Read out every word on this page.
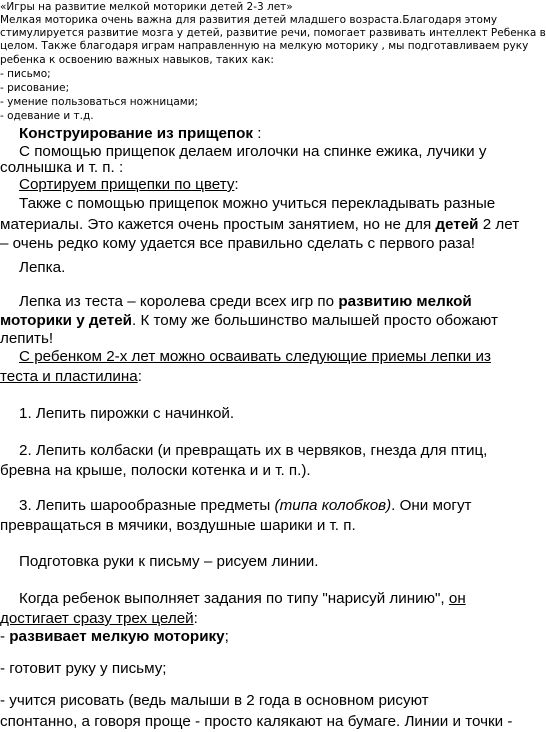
«Игры на развитие мелкой моторики детей 2-3 лет»
Мелкая моторика очень важна для развития детей младшего возраста.Благодаря этому
стимулируется развитие мозга у детей, развитие речи, помогает развивать интеллект Ребенка в
целом. Также благодаря играм направленную на мелкую моторику , мы подготавливаем руку
ребенка к освоению важных навыков, таких как:
- письмо;
- рисование;
- умение пользоваться ножницами;
- одевание и т.д.
Конструирование из прищепок :
С помощью прищепок делаем иголочки на спинке ежика, лучики у
солнышка и т. п. :
Сортируем прищепки по цвету:
Также с помощью прищепок можно учиться перекладывать разные
материалы. Это кажется очень простым занятием, но не для детей 2 лет
– очень редко кому удается все правильно сделать с первого раза!
Лепка.
Лепка из теста – королева среди всех игр по развитию мелкой
моторики у детей. К тому же большинство малышей просто обожают
лепить!
С ребенком 2-х лет можно осваивать следующие приемы лепки из
теста и пластилина:
1. Лепить пирожки с начинкой.
2. Лепить колбаски (и превращать их в червяков, гнезда для птиц,
бревна на крыше, полоски котенка и и т. п.).
3. Лепить шарообразные предметы (типа колобков). Они могут
превращаться в мячики, воздушные шарики и т. п.
Подготовка руки к письму – рисуем линии.
Когда ребенок выполняет задания по типу "нарисуй линию", он
достигает сразу трех целей:
- развивает мелкую моторику;
- готовит руку у письму;
- учится рисовать (ведь малыши в 2 года в основном рисуют
спонтанно, а говоря проще - просто калякают на бумаге. Линии и точки -
